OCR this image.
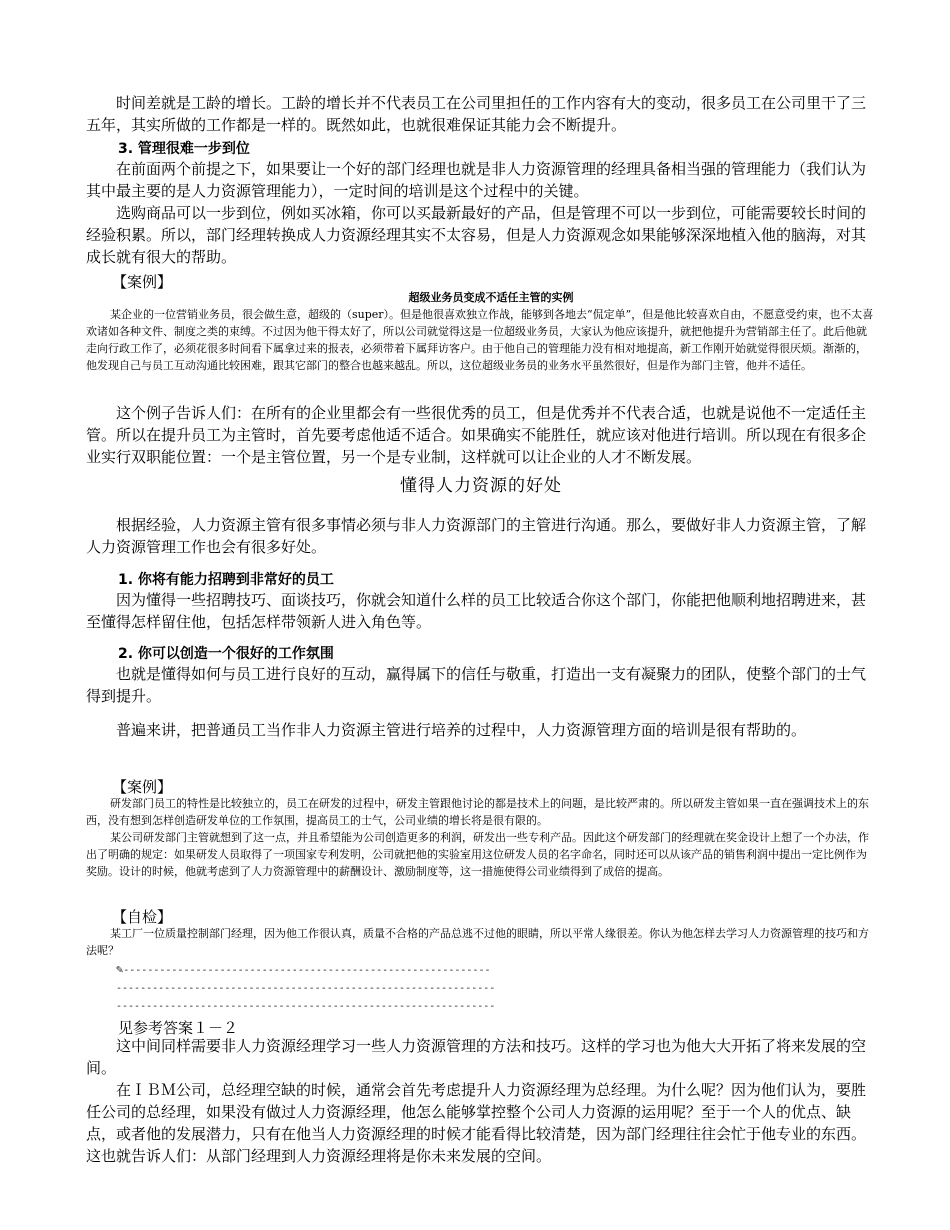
时间差就是工龄的增长。工龄的增长并不代表员工在公司里担任的工作内容有大的变动，很多员工在公司里干了三五年，其实所做的工作都是一样的。既然如此，也就很难保证其能力会不断提升。

3. 管理很难一步到位

在前面两个前提之下，如果要让一个好的部门经理也就是非人力资源管理的经理具备相当强的管理能力（我们认为其中最主要的是人力资源管理能力），一定时间的培训是这个过程中的关键。

选购商品可以一步到位，例如买冰箱，你可以买最新最好的产品，但是管理不可以一步到位，可能需要较长时间的经验积累。所以，部门经理转换成人力资源经理其实不太容易，但是人力资源观念如果能够深深地植入他的脑海，对其成长就有很大的帮助。

【案例】

超级业务员变成不适任主管的实例

某企业的一位营销业务员，很会做生意，超级的（super）。但是他很喜欢独立作战，能够到各地去“侃定单”，但是他比较喜欢自由，不愿意受约束，也不太喜欢诸如各种文件、制度之类的束缚。不过因为他干得太好了，所以公司就觉得这是一位超级业务员，大家认为他应该提升，就把他提升为营销部主任了。此后他就走向行政工作了，必须花很多时间看下属拿过来的报表，必须带着下属拜访客户。由于他自己的管理能力没有相对地提高，新工作刚开始就觉得很厌烦。渐渐的，他发现自己与员工互动沟通比较困难，跟其它部门的整合也越来越乱。所以，这位超级业务员的业务水平虽然很好，但是作为部门主管，他并不适任。

这个例子告诉人们：在所有的企业里都会有一些很优秀的员工，但是优秀并不代表合适，也就是说他不一定适任主管。所以在提升员工为主管时，首先要考虑他适不适合。如果确实不能胜任，就应该对他进行培训。所以现在有很多企业实行双职能位置：一个是主管位置，另一个是专业制，这样就可以让企业的人才不断发展。

懂得人力资源的好处

根据经验，人力资源主管有很多事情必须与非人力资源部门的主管进行沟通。那么，要做好非人力资源主管，了解人力资源管理工作也会有很多好处。

1. 你将有能力招聘到非常好的员工

因为懂得一些招聘技巧、面谈技巧，你就会知道什么样的员工比较适合你这个部门，你能把他顺利地招聘进来，甚至懂得怎样留住他，包括怎样带领新人进入角色等。

2. 你可以创造一个很好的工作氛围

也就是懂得如何与员工进行良好的互动，赢得属下的信任与敬重，打造出一支有凝聚力的团队，使整个部门的士气得到提升。

普遍来讲，把普通员工当作非人力资源主管进行培养的过程中，人力资源管理方面的培训是很有帮助的。

【案例】

研发部门员工的特性是比较独立的，员工在研发的过程中，研发主管跟他讨论的都是技术上的问题，是比较严肃的。所以研发主管如果一直在强调技术上的东西，没有想到怎样创造研发单位的工作氛围，提高员工的士气，公司业绩的增长将是很有限的。

某公司研发部门主管就想到了这一点，并且希望能为公司创造更多的利润，研发出一些专利产品。因此这个研发部门的经理就在奖金设计上想了一个办法，作出了明确的规定：如果研发人员取得了一项国家专利发明，公司就把他的实验室用这位研发人员的名字命名，同时还可以从该产品的销售利润中提出一定比例作为奖励。设计的时候，他就考虑到了人力资源管理中的薪酬设计、激励制度等，这一措施使得公司业绩得到了成倍的提高。

【自检】

某工厂一位质量控制部门经理，因为他工作很认真，质量不合格的产品总逃不过他的眼睛，所以平常人缘很差。你认为他怎样去学习人力资源管理的技巧和方法呢？

✎-------------------------------------------------------------
---------------------------------------------------------------
---------------------------------------------------------------

见参考答案１－２

这中间同样需要非人力资源经理学习一些人力资源管理的方法和技巧。这样的学习也为他大大开拓了将来发展的空间。

在ＩＢＭ公司，总经理空缺的时候，通常会首先考虑提升人力资源经理为总经理。为什么呢？因为他们认为，要胜任公司的总经理，如果没有做过人力资源经理，他怎么能够掌控整个公司人力资源的运用呢？至于一个人的优点、缺点，或者他的发展潜力，只有在他当人力资源经理的时候才能看得比较清楚，因为部门经理往往会忙于他专业的东西。这也就告诉人们：从部门经理到人力资源经理将是你未来发展的空间。
